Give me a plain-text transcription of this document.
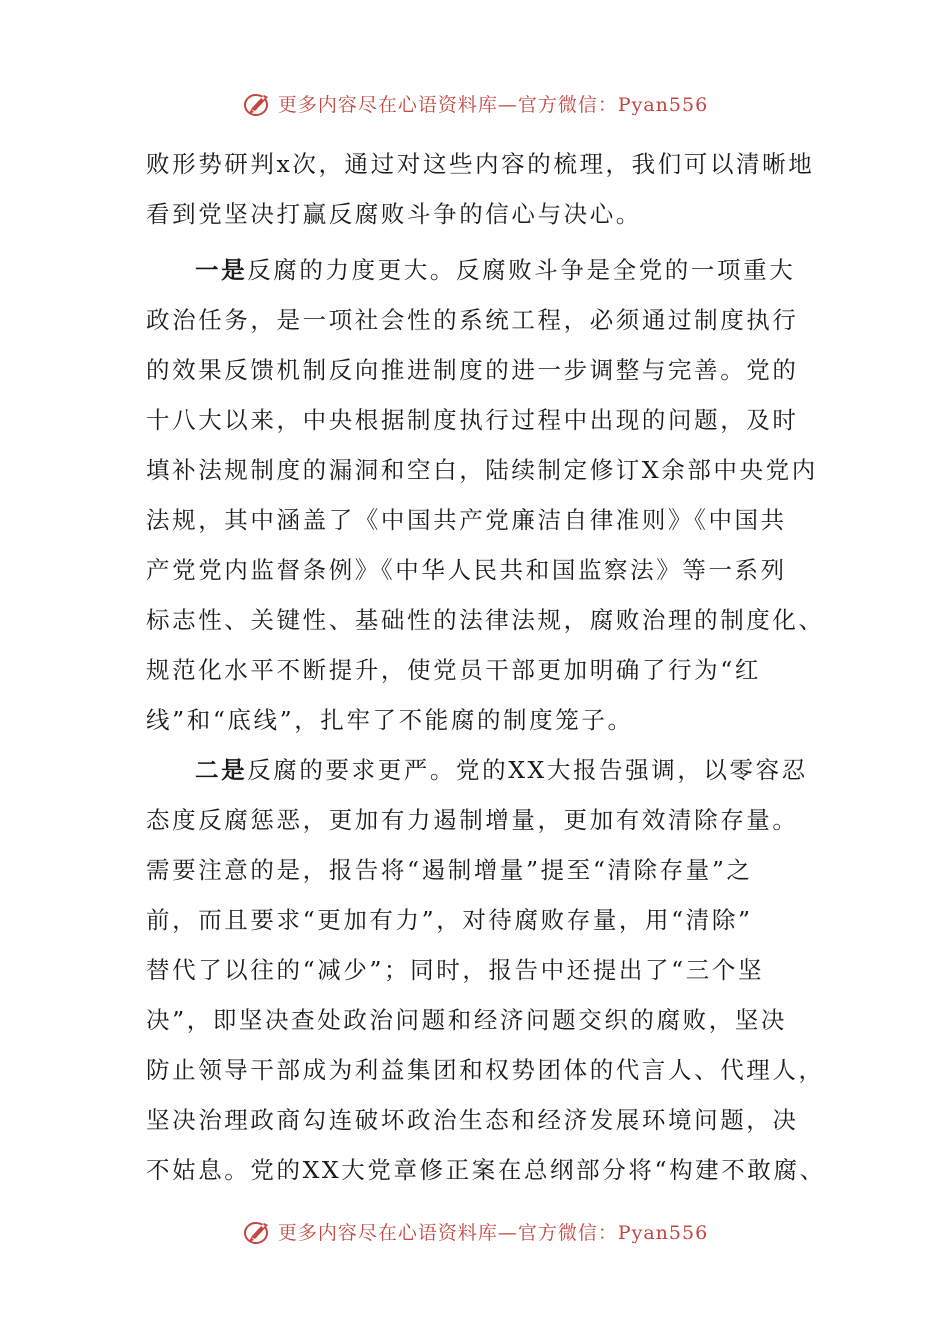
更多内容尽在心语资料库—官方微信：Pyan556
败形势研判x次，通过对这些内容的梳理，我们可以清晰地
看到党坚决打赢反腐败斗争的信心与决心。
一是反腐的力度更大。反腐败斗争是全党的一项重大
政治任务，是一项社会性的系统工程，必须通过制度执行
的效果反馈机制反向推进制度的进一步调整与完善。党的
十八大以来，中央根据制度执行过程中出现的问题，及时
填补法规制度的漏洞和空白，陆续制定修订X余部中央党内
法规，其中涵盖了《中国共产党廉洁自律准则》《中国共
产党党内监督条例》《中华人民共和国监察法》等一系列
标志性、关键性、基础性的法律法规，腐败治理的制度化、
规范化水平不断提升，使党员干部更加明确了行为“红
线”和“底线”，扎牢了不能腐的制度笼子。
二是反腐的要求更严。党的XX大报告强调，以零容忍
态度反腐惩恶，更加有力遏制增量，更加有效清除存量。
需要注意的是，报告将“遏制增量”提至“清除存量”之
前，而且要求“更加有力”，对待腐败存量，用“清除”
替代了以往的“减少”；同时，报告中还提出了“三个坚
决”，即坚决查处政治问题和经济问题交织的腐败，坚决
防止领导干部成为利益集团和权势团体的代言人、代理人，
坚决治理政商勾连破坏政治生态和经济发展环境问题，决
不姑息。党的XX大党章修正案在总纲部分将“构建不敢腐、
更多内容尽在心语资料库—官方微信：Pyan556
